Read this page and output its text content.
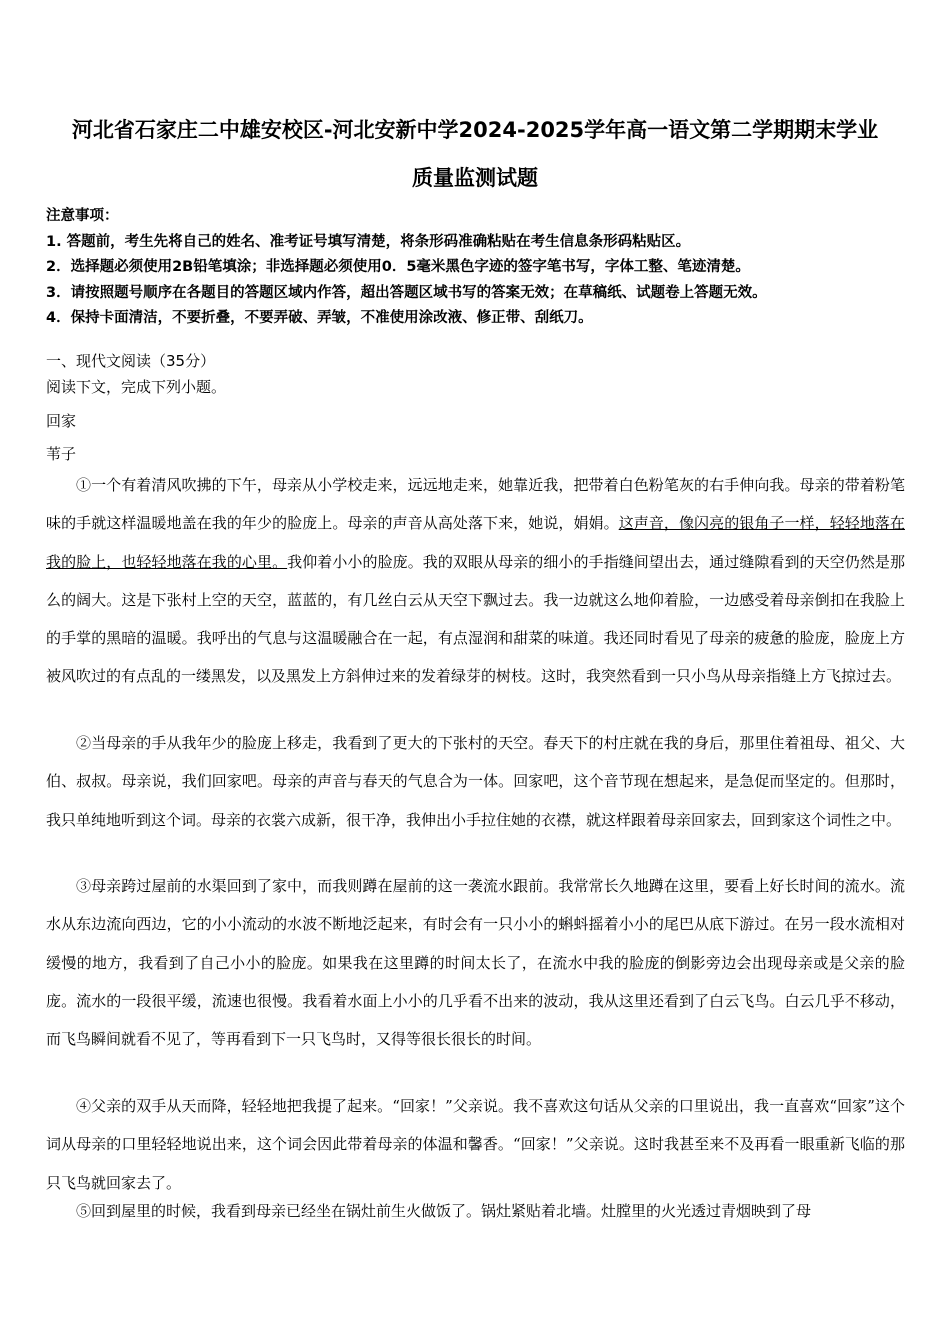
河北省石家庄二中雄安校区-河北安新中学2024-2025学年高一语文第二学期期末学业
质量监测试题
注意事项：
1. 答题前，考生先将自己的姓名、准考证号填写清楚，将条形码准确粘贴在考生信息条形码粘贴区。
2．选择题必须使用2B铅笔填涂；非选择题必须使用0．5毫米黑色字迹的签字笔书写，字体工整、笔迹清楚。
3．请按照题号顺序在各题目的答题区域内作答，超出答题区域书写的答案无效；在草稿纸、试题卷上答题无效。
4．保持卡面清洁，不要折叠，不要弄破、弄皱，不准使用涂改液、修正带、刮纸刀。
一、现代文阅读（35分）
阅读下文，完成下列小题。
回家
苇子
①一个有着清风吹拂的下午，母亲从小学校走来，远远地走来，她靠近我，把带着白色粉笔灰的右手伸向我。母亲的带着粉笔味的手就这样温暖地盖在我的年少的脸庞上。母亲的声音从高处落下来，她说，娟娟。这声音，像闪亮的银角子一样，轻轻地落在我的脸上，也轻轻地落在我的心里。我仰着小小的脸庞。我的双眼从母亲的细小的手指缝间望出去，通过缝隙看到的天空仍然是那么的阔大。这是下张村上空的天空，蓝蓝的，有几丝白云从天空下飘过去。我一边就这么地仰着脸，一边感受着母亲倒扣在我脸上的手掌的黑暗的温暖。我呼出的气息与这温暖融合在一起，有点湿润和甜菜的味道。我还同时看见了母亲的疲惫的脸庞，脸庞上方被风吹过的有点乱的一缕黑发，以及黑发上方斜伸过来的发着绿芽的树枝。这时，我突然看到一只小鸟从母亲指缝上方飞掠过去。
②当母亲的手从我年少的脸庞上移走，我看到了更大的下张村的天空。春天下的村庄就在我的身后，那里住着祖母、祖父、大伯、叔叔。母亲说，我们回家吧。母亲的声音与春天的气息合为一体。回家吧，这个音节现在想起来，是急促而坚定的。但那时，我只单纯地听到这个词。母亲的衣裳六成新，很干净，我伸出小手拉住她的衣襟，就这样跟着母亲回家去，回到家这个词性之中。
③母亲跨过屋前的水渠回到了家中，而我则蹲在屋前的这一袭流水跟前。我常常长久地蹲在这里，要看上好长时间的流水。流水从东边流向西边，它的小小流动的水波不断地泛起来，有时会有一只小小的蝌蚪摇着小小的尾巴从底下游过。在另一段水流相对缓慢的地方，我看到了自己小小的脸庞。如果我在这里蹲的时间太长了，在流水中我的脸庞的倒影旁边会出现母亲或是父亲的脸庞。流水的一段很平缓，流速也很慢。我看着水面上小小的几乎看不出来的波动，我从这里还看到了白云飞鸟。白云几乎不移动，而飞鸟瞬间就看不见了，等再看到下一只飞鸟时，又得等很长很长的时间。
④父亲的双手从天而降，轻轻地把我提了起来。“回家！”父亲说。我不喜欢这句话从父亲的口里说出，我一直喜欢“回家”这个词从母亲的口里轻轻地说出来，这个词会因此带着母亲的体温和馨香。“回家！”父亲说。这时我甚至来不及再看一眼重新飞临的那只飞鸟就回家去了。
⑤回到屋里的时候，我看到母亲已经坐在锅灶前生火做饭了。锅灶紧贴着北墙。灶膛里的火光透过青烟映到了母
